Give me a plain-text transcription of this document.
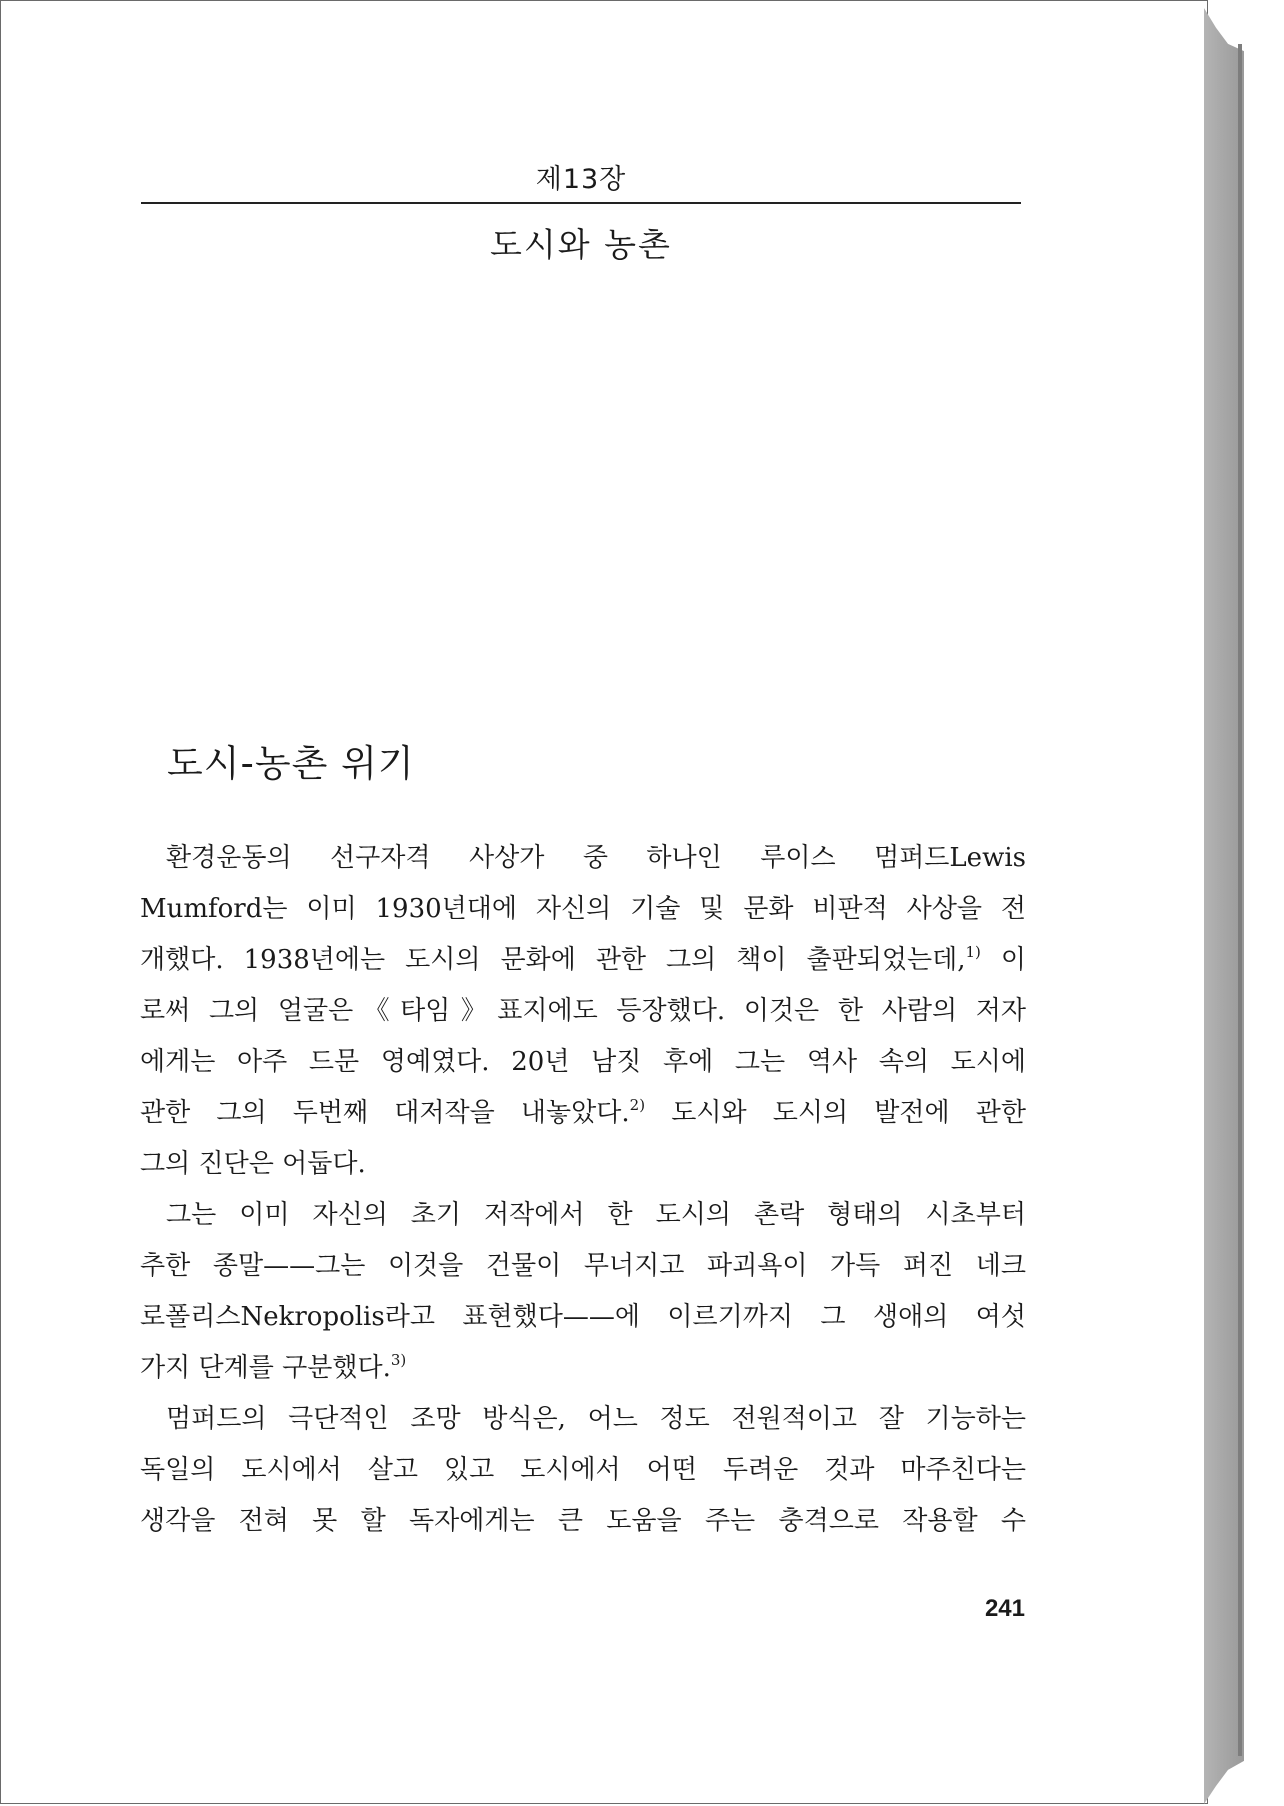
제13장
도시와 농촌
도시-농촌 위기
환경운동의 선구자격 사상가 중 하나인 루이스 멈퍼드Lewis
Mumford는 이미 1930년대에 자신의 기술 및 문화 비판적 사상을 전
개했다. 1938년에는 도시의 문화에 관한 그의 책이 출판되었는데,$^{1)}$ 이
로써 그의 얼굴은《타임》표지에도 등장했다. 이것은 한 사람의 저자
에게는 아주 드문 영예였다. 20년 남짓 후에 그는 역사 속의 도시에
관한 그의 두번째 대저작을 내놓았다.$^{2)}$ 도시와 도시의 발전에 관한
그의 진단은 어둡다.
그는 이미 자신의 초기 저작에서 한 도시의 촌락 형태의 시초부터
추한 종말——그는 이것을 건물이 무너지고 파괴욕이 가득 퍼진 네크
로폴리스Nekropolis라고 표현했다——에 이르기까지 그 생애의 여섯
가지 단계를 구분했다.$^{3)}$
멈퍼드의 극단적인 조망 방식은, 어느 정도 전원적이고 잘 기능하는
독일의 도시에서 살고 있고 도시에서 어떤 두려운 것과 마주친다는
생각을 전혀 못 할 독자에게는 큰 도움을 주는 충격으로 작용할 수
241
